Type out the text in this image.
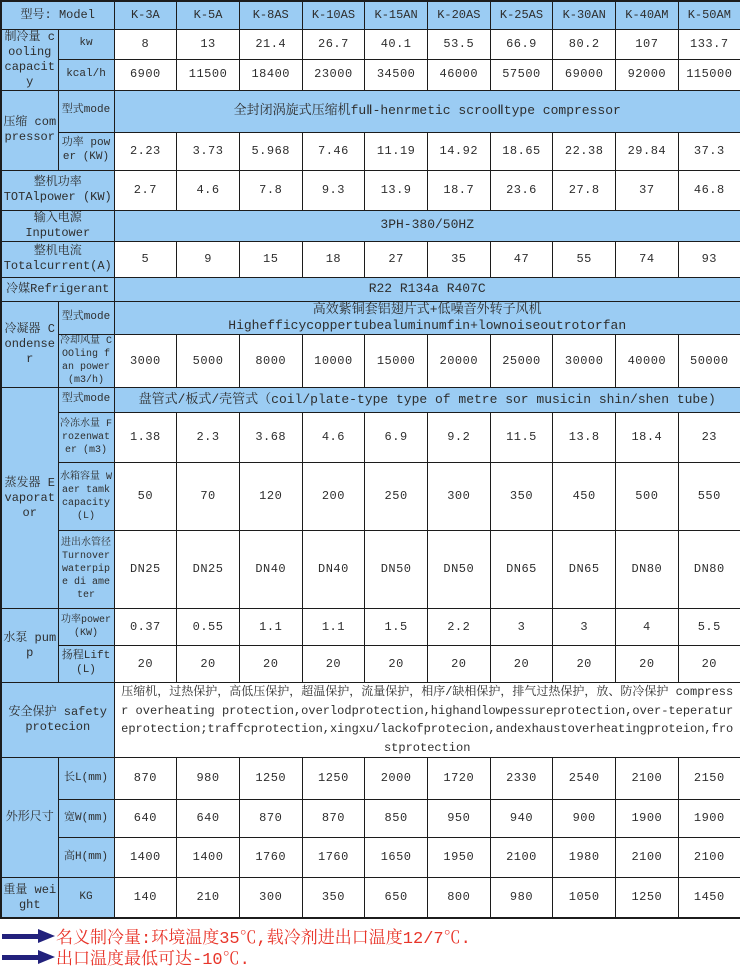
型号: Model		K-3A	K-5A	K-8AS	K-10AS	K-15AN	K-20AS	K-25AS	K-30AN	K-40AM	K-50AM
制冷量 cooling capacity	kw	8	13	21.4	26.7	40.1	53.5	66.9	80.2	107	133.7
	kcal/h	6900	11500	18400	23000	34500	46000	57500	69000	92000	115000
压缩 compressor	型式mode	全封闭涡旋式压缩机fuⅡ-henrmetic scrooⅡtype compressor									
	功率 power (KW)	2.23	3.73	5.968	7.46	11.19	14.92	18.65	22.38	29.84	37.3
整机功率 TOTAlpower (KW)		2.7	4.6	7.8	9.3	13.9	18.7	23.6	27.8	37	46.8
输入电源Inputower		3PH-380/50HZ									
整机电流 Totalcurrent(A)		5	9	15	18	27	35	47	55	74	93
冷媒Refrigerant		R22 R134a R407C									
冷凝器 Condenser	型式mode	高效紫铜套铝翅片式+低噪音外转子风机Highefficycoppertubealuminumfin+lownoiseoutrotorfan									
	冷却风量 COOling fan power (m3/h)	3000	5000	8000	10000	15000	20000	25000	30000	40000	50000
蒸发器 Evaporator	型式mode	盘管式/板式/壳管式（coil/plate-type type of metre sor musicin shin/shen tube)									
	冷冻水量 Frozenwater (m3)	1.38	2.3	3.68	4.6	6.9	9.2	11.5	13.8	18.4	23
	水箱容量 Waer tamkcapacity(L)	50	70	120	200	250	300	350	450	500	550
	进出水管径 Turnover waterpipe di ameter	DN25	DN25	DN40	DN40	DN50	DN50	DN65	DN65	DN80	DN80
水泵 pump	功率power (KW)	0.37	0.55	1.1	1.1	1.5	2.2	3	3	4	5.5
	扬程Lift (L)	20	20	20	20	20	20	20	20	20	20
安全保护 safety protecion		压缩机，过热保护，高低压保护，超温保护，流量保护，相序/缺相保护，排气过热保护，放、防冷保护 compressr overheating protection,overlodprotection,highandlowpessureprotection,over-teperatureprotection;traffcprotection,xingxu/lackofprotecion,andexhaustoverheatingproteion,frostprotection									
外形尺寸	长L(mm)	870	980	1250	1250	2000	1720	2330	2540	2100	2150
	宽W(mm)	640	640	870	870	850	950	940	900	1900	1900
	高H(mm)	1400	1400	1760	1760	1650	1950	2100	1980	2100	2100
重量 weight	KG	140	210	300	350	650	800	980	1050	1250	1450
名义制冷量:环境温度35℃,载冷剂进出口温度12/7℃.
出口温度最低可达-10℃.
